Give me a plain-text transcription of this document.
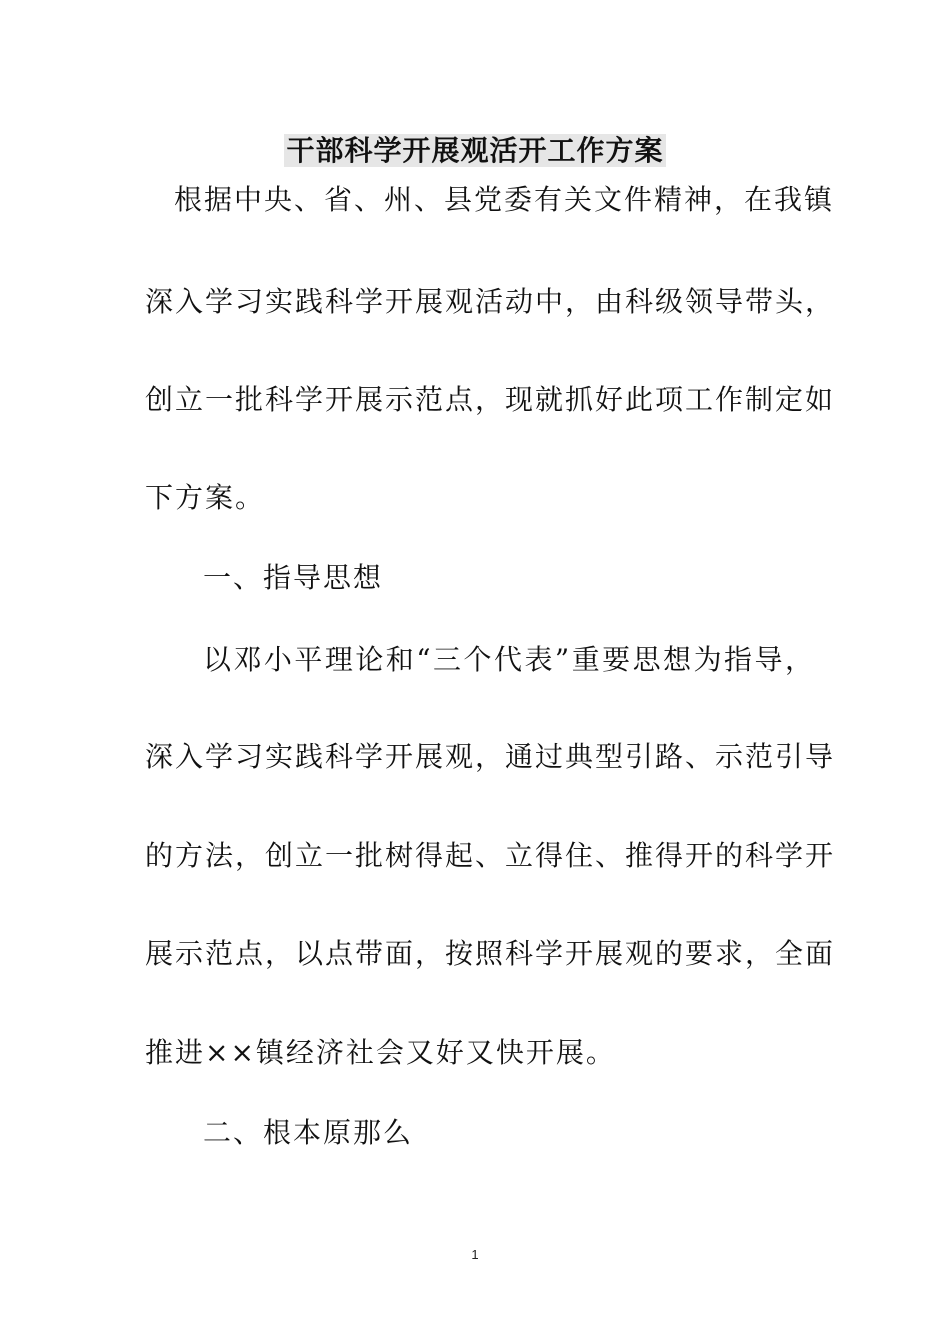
干部科学开展观活开工作方案
根据中央、省、州、县党委有关文件精神，在我镇
深入学习实践科学开展观活动中，由科级领导带头，
创立一批科学开展示范点，现就抓好此项工作制定如
下方案。
一、指导思想
以邓小平理论和“三个代表”重要思想为指导，
深入学习实践科学开展观，通过典型引路、示范引导
的方法，创立一批树得起、立得住、推得开的科学开
展示范点，以点带面，按照科学开展观的要求，全面
推进××镇经济社会又好又快开展。
二、根本原那么
1
